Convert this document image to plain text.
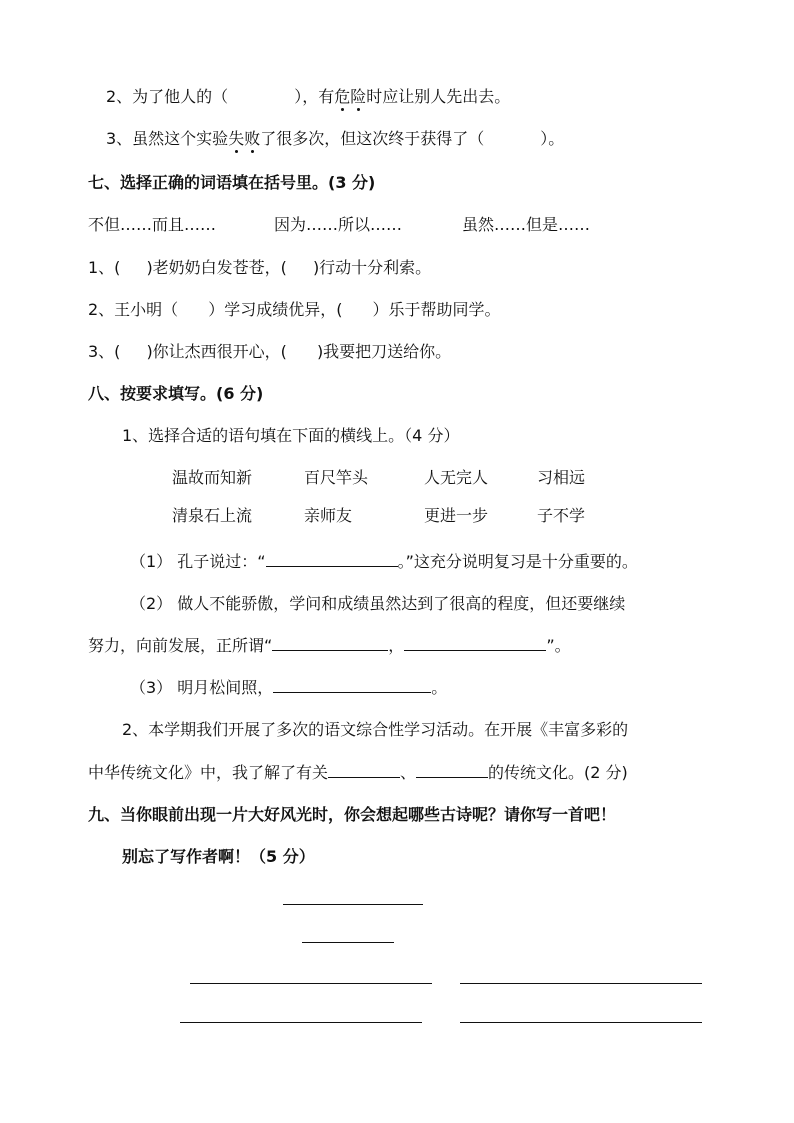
2、为了他人的（	），有危险时应让别人先出去。
3、虽然这个实验失败了很多次，但这次终于获得了（	）。
七、选择正确的词语填在括号里。(3 分)
不但……而且……	因为……所以……	虽然……但是……
1、( )老奶奶白发苍苍，( )行动十分利索。
2、王小明（ ）学习成绩优异，( ）乐于帮助同学。
3、( )你让杰西很开心，( )我要把刀送给你。
八、按要求填写。(6 分)
1、选择合适的语句填在下面的横线上。（4 分）
温故而知新	百尺竿头	人无完人	习相远
清泉石上流	亲师友	更进一步	子不学
（1） 孔子说过：“	。”这充分说明复习是十分重要的。
（2） 做人不能骄傲，学问和成绩虽然达到了很高的程度，但还要继续
努力，向前发展，正所谓“	，	”。
（3） 明月松间照，	。
2、本学期我们开展了多次的语文综合性学习活动。在开展《丰富多彩的
中华传统文化》中，我了解了有关	、	的传统文化。(2 分)
九、当你眼前出现一片大好风光时，你会想起哪些古诗呢？请你写一首吧！
别忘了写作者啊！（5 分）
